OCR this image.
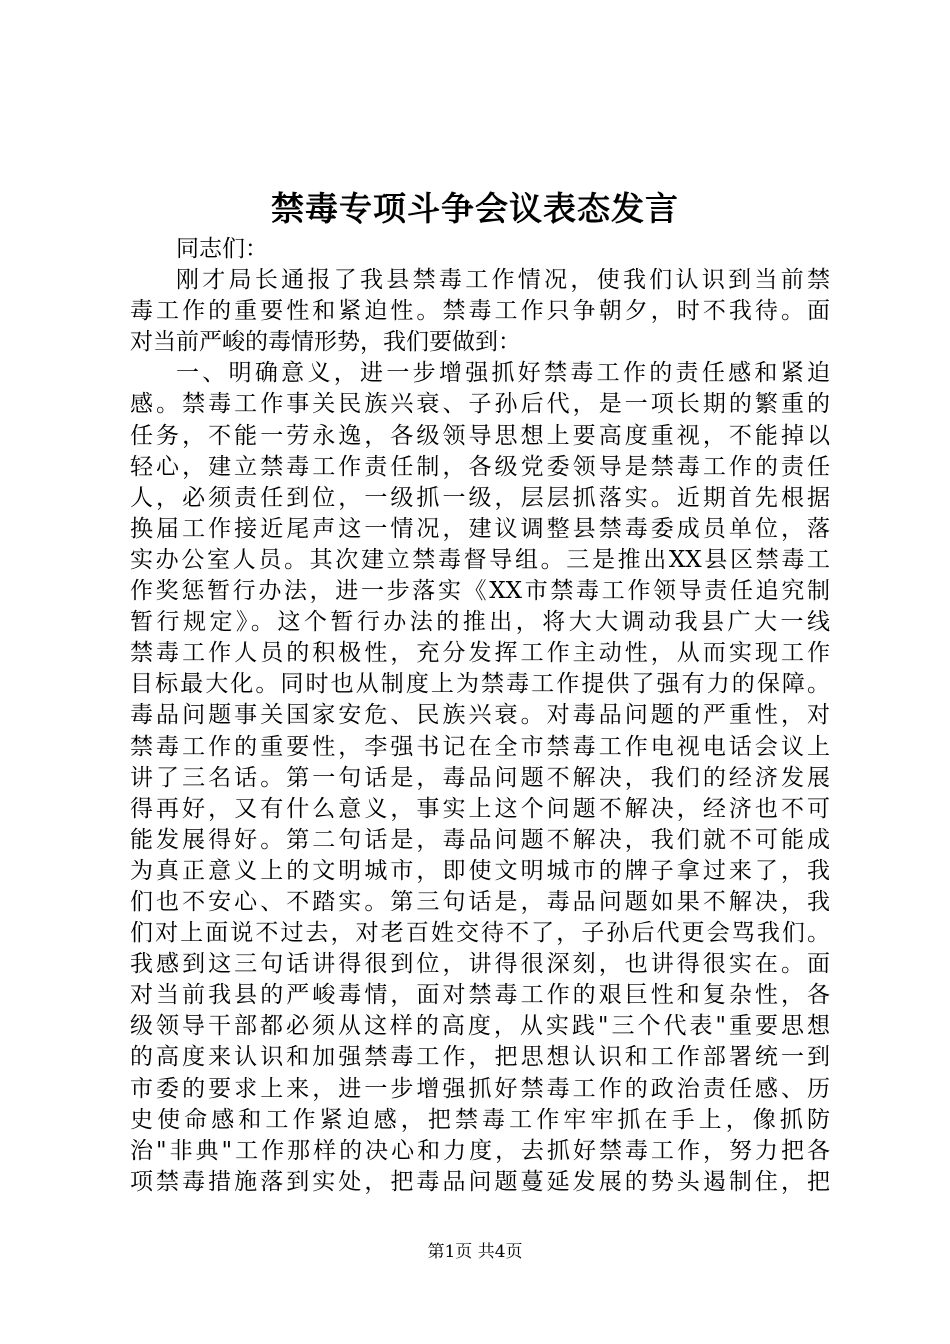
禁毒专项斗争会议表态发言
同志们：
刚才局长通报了我县禁毒工作情况，使我们认识到当前禁
毒工作的重要性和紧迫性。禁毒工作只争朝夕，时不我待。面
对当前严峻的毒情形势，我们要做到：
一、明确意义，进一步增强抓好禁毒工作的责任感和紧迫
感。禁毒工作事关民族兴衰、子孙后代，是一项长期的繁重的
任务，不能一劳永逸，各级领导思想上要高度重视，不能掉以
轻心，建立禁毒工作责任制，各级党委领导是禁毒工作的责任
人，必须责任到位，一级抓一级，层层抓落实。近期首先根据
换届工作接近尾声这一情况，建议调整县禁毒委成员单位，落
实办公室人员。其次建立禁毒督导组。三是推出XX县区禁毒工
作奖惩暂行办法，进一步落实《XX市禁毒工作领导责任追究制
暂行规定》。这个暂行办法的推出，将大大调动我县广大一线
禁毒工作人员的积极性，充分发挥工作主动性，从而实现工作
目标最大化。同时也从制度上为禁毒工作提供了强有力的保障。
毒品问题事关国家安危、民族兴衰。对毒品问题的严重性，对
禁毒工作的重要性，李强书记在全市禁毒工作电视电话会议上
讲了三名话。第一句话是，毒品问题不解决，我们的经济发展
得再好，又有什么意义，事实上这个问题不解决，经济也不可
能发展得好。第二句话是，毒品问题不解决，我们就不可能成
为真正意义上的文明城市，即使文明城市的牌子拿过来了，我
们也不安心、不踏实。第三句话是，毒品问题如果不解决，我
们对上面说不过去，对老百姓交待不了，子孙后代更会骂我们。
我感到这三句话讲得很到位，讲得很深刻，也讲得很实在。面
对当前我县的严峻毒情，面对禁毒工作的艰巨性和复杂性，各
级领导干部都必须从这样的高度，从实践"三个代表"重要思想
的高度来认识和加强禁毒工作，把思想认识和工作部署统一到
市委的要求上来，进一步增强抓好禁毒工作的政治责任感、历
史使命感和工作紧迫感，把禁毒工作牢牢抓在手上，像抓防
治"非典"工作那样的决心和力度，去抓好禁毒工作，努力把各
项禁毒措施落到实处，把毒品问题蔓延发展的势头遏制住，把
第1页 共4页
